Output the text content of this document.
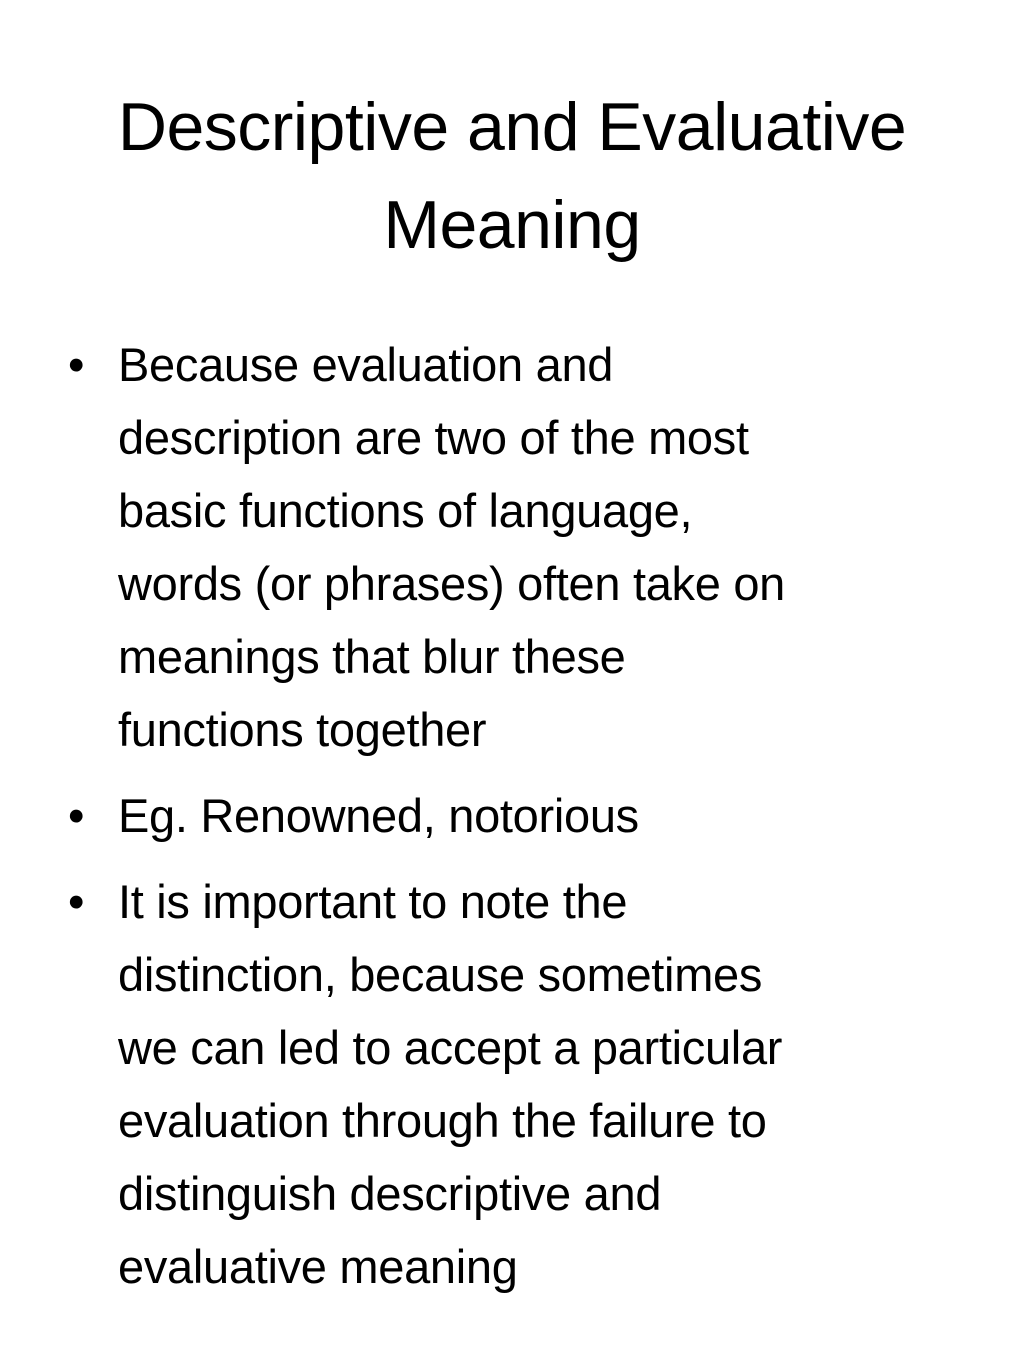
Descriptive and Evaluative
Meaning
• Because evaluation and
description are two of the most
basic functions of language,
words (or phrases) often take on
meanings that blur these
functions together
• Eg. Renowned, notorious
• It is important to note the
distinction, because sometimes
we can led to accept a particular
evaluation through the failure to
distinguish descriptive and
evaluative meaning
